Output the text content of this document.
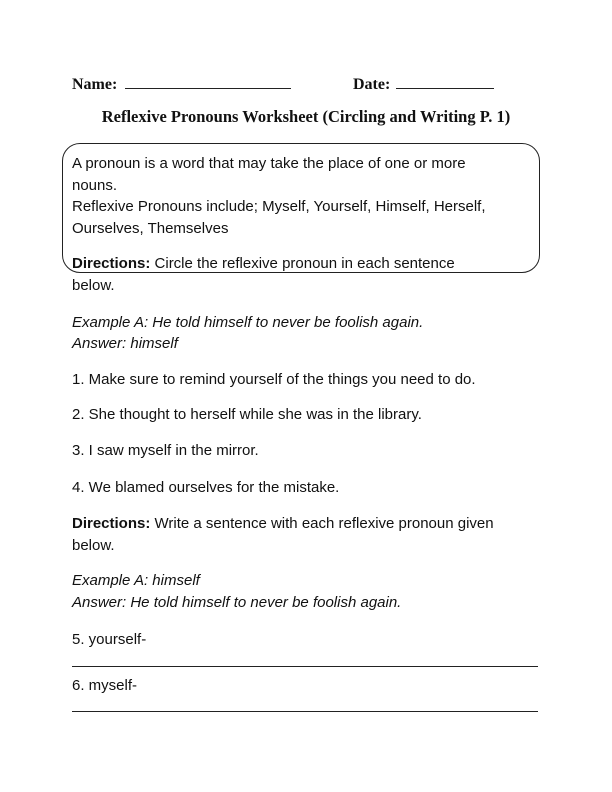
Name:	Date:
Reflexive Pronouns Worksheet (Circling and Writing P. 1)
A pronoun is a word that may take the place of one or more
nouns.
Reflexive Pronouns include; Myself, Yourself, Himself, Herself,
Ourselves, Themselves
Directions: Circle the reflexive pronoun in each sentence
below.
Example A: He told himself to never be foolish again.
Answer: himself
1. Make sure to remind yourself of the things you need to do.
2. She thought to herself while she was in the library.
3. I saw myself in the mirror.
4. We blamed ourselves for the mistake.
Directions: Write a sentence with each reflexive pronoun given
below.
Example A: himself
Answer: He told himself to never be foolish again.
5. yourself-
6. myself-
